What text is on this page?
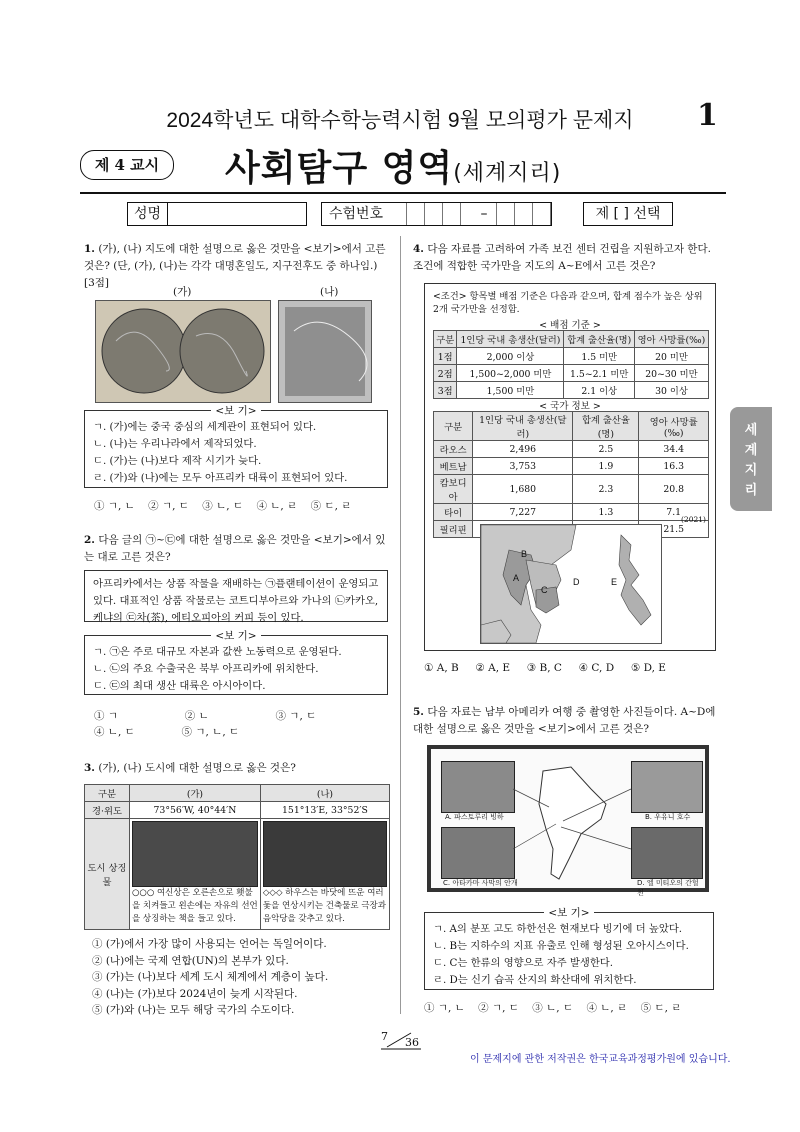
2024학년도 대학수학능력시험 9월 모의평가 문제지	1
제 4 교시	사회탐구 영역(세계지리)
성명	수험번호	–	제 [ ] 선택
세계지리
1. (가), (나) 지도에 대한 설명으로 옳은 것만을 <보기>에서 고른 것은? (단, (가), (나)는 각각 대명혼일도, 지구전후도 중 하나임.) [3점]
(가)	(나)
<보 기>
ㄱ. (가)에는 중국 중심의 세계관이 표현되어 있다.
ㄴ. (나)는 우리나라에서 제작되었다.
ㄷ. (가)는 (나)보다 제작 시기가 늦다.
ㄹ. (가)와 (나)에는 모두 아프리카 대륙이 표현되어 있다.
① ㄱ, ㄴ    ② ㄱ, ㄷ    ③ ㄴ, ㄷ    ④ ㄴ, ㄹ    ⑤ ㄷ, ㄹ
2. 다음 글의 ㉠~㉢에 대한 설명으로 옳은 것만을 <보기>에서 있는 대로 고른 것은?
아프리카에서는 상품 작물을 재배하는 ㉠플랜테이션이 운영되고 있다. 대표적인 상품 작물로는 코트디부아르와 가나의 ㉡카카오, 케냐의 ㉢차(茶), 에티오피아의 커피 등이 있다.
<보 기>
ㄱ. ㉠은 주로 대규모 자본과 값싼 노동력으로 운영된다.
ㄴ. ㉡의 주요 수출국은 북부 아프리카에 위치한다.
ㄷ. ㉢의 최대 생산 대륙은 아시아이다.
① ㄱ                    ② ㄴ                    ③ ㄱ, ㄷ
④ ㄴ, ㄷ              ⑤ ㄱ, ㄴ, ㄷ
3. (가), (나) 도시에 대한 설명으로 옳은 것은?
구분	(가)	(나)
경·위도	73°56′W, 40°44′N	151°13′E, 33°52′S
도시 상징물	○○○ 여신상은 오른손으로 횃불을 치켜들고 왼손에는 자유의 선언을 상징하는 책을 들고 있다.	◇◇◇ 하우스는 바닷에 뜨운 여러 돛을 연상시키는 건축물로 극장과 음악당을 갖추고 있다.
① (가)에서 가장 많이 사용되는 언어는 독일어이다.
② (나)에는 국제 연합(UN)의 본부가 있다.
③ (가)는 (나)보다 세계 도시 체계에서 계층이 높다.
④ (나)는 (가)보다 2024년이 늦게 시작된다.
⑤ (가)와 (나)는 모두 해당 국가의 수도이다.
4. 다음 자료를 고려하여 가족 보건 센터 건립을 지원하고자 한다. 조건에 적합한 국가만을 지도의 A~E에서 고른 것은?
<조건> 항목별 배점 기준은 다음과 같으며, 합계 점수가 높은 상위 2개 국가만을 선정함.
< 배점 기준 >
구분	1인당 국내 총생산(달러)	합계 출산율(명)	영아 사망률(‰)
1점	2,000 이상	1.5 미만	20 미만
2점	1,500~2,000 미만	1.5~2.1 미만	20~30 미만
3점	1,500 미만	2.1 이상	30 이상
< 국가 정보 >
구분	1인당 국내 총생산(달러)	합계 출산율(명)	영아 사망률(‰)
라오스	2,496	2.5	34.4
베트남	3,753	1.9	16.3
캄보디아	1,680	2.3	20.8
타이	7,227	1.3	7.1
필리핀			21.5
(2021)
B
A
C
D	E
① A, B     ② A, E     ③ B, C     ④ C, D     ⑤ D, E
5. 다음 자료는 남부 아메리카 여행 중 촬영한 사진들이다. A~D에 대한 설명으로 옳은 것만을 <보기>에서 고른 것은?
A. 파스토루리 빙하	B. 우유니 호수
C. 아타카마 사막의 안개	D. 엘 미티오의 간헐천
<보 기>
ㄱ. A의 분포 고도 하한선은 현재보다 빙기에 더 높았다.
ㄴ. B는 지하수의 지표 유출로 인해 형성된 오아시스이다.
ㄷ. C는 한류의 영향으로 자주 발생한다.
ㄹ. D는 신기 습곡 산지의 화산대에 위치한다.
① ㄱ, ㄴ    ② ㄱ, ㄷ    ③ ㄴ, ㄷ    ④ ㄴ, ㄹ    ⑤ ㄷ, ㄹ
7 36
이 문제지에 관한 저작권은 한국교육과정평가원에 있습니다.
